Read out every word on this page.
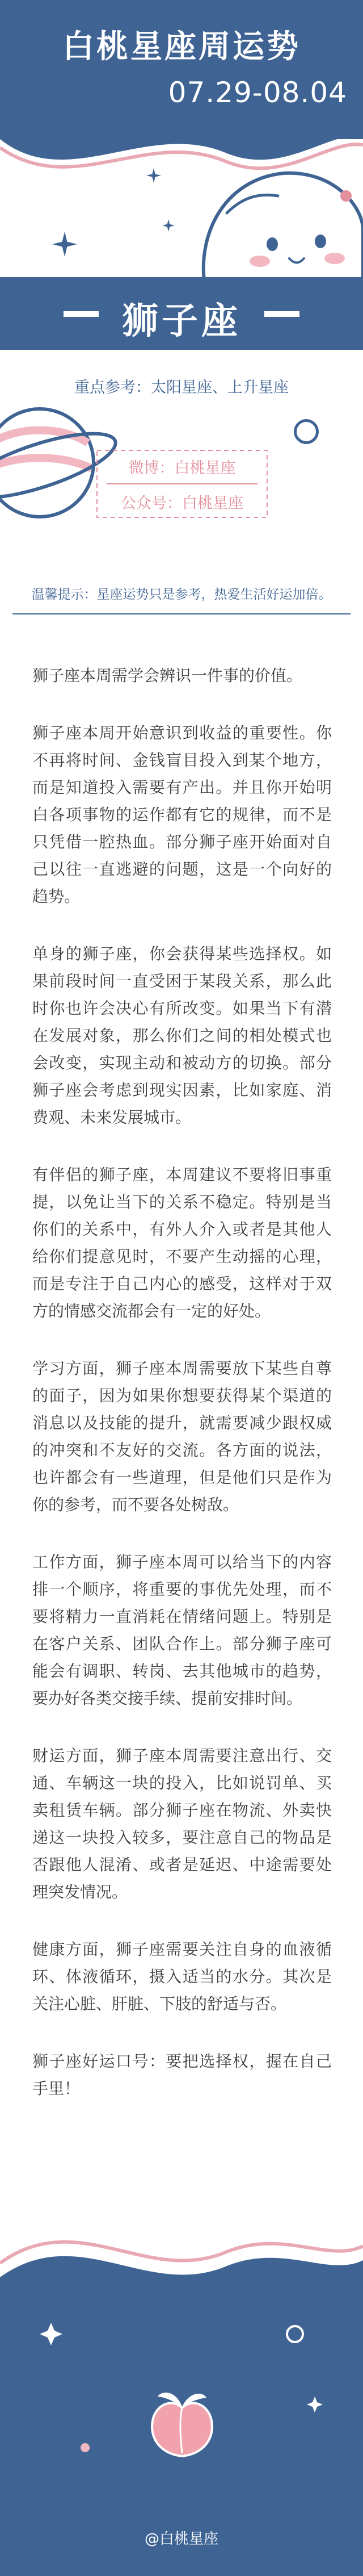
白桃星座周运势
07.29-08.04
狮子座
重点参考：太阳星座、上升星座
微博：白桃星座
公众号：白桃星座
温馨提示：星座运势只是参考，热爱生活好运加倍。

狮子座本周需学会辨识一件事的价值。

狮子座本周开始意识到收益的重要性。你不再将时间、金钱盲目投入到某个地方，而是知道投入需要有产出。并且你开始明白各项事物的运作都有它的规律，而不是只凭借一腔热血。部分狮子座开始面对自己以往一直逃避的问题，这是一个向好的趋势。

单身的狮子座，你会获得某些选择权。如果前段时间一直受困于某段关系，那么此时你也许会决心有所改变。如果当下有潜在发展对象，那么你们之间的相处模式也会改变，实现主动和被动方的切换。部分狮子座会考虑到现实因素，比如家庭、消费观、未来发展城市。

有伴侣的狮子座，本周建议不要将旧事重提，以免让当下的关系不稳定。特别是当你们的关系中，有外人介入或者是其他人给你们提意见时，不要产生动摇的心理，而是专注于自己内心的感受，这样对于双方的情感交流都会有一定的好处。

学习方面，狮子座本周需要放下某些自尊的面子，因为如果你想要获得某个渠道的消息以及技能的提升，就需要减少跟权威的冲突和不友好的交流。各方面的说法，也许都会有一些道理，但是他们只是作为你的参考，而不要各处树敌。

工作方面，狮子座本周可以给当下的内容排一个顺序，将重要的事优先处理，而不要将精力一直消耗在情绪问题上。特别是在客户关系、团队合作上。部分狮子座可能会有调职、转岗、去其他城市的趋势，要办好各类交接手续、提前安排时间。

财运方面，狮子座本周需要注意出行、交通、车辆这一块的投入，比如说罚单、买卖租赁车辆。部分狮子座在物流、外卖快递这一块投入较多，要注意自己的物品是否跟他人混淆、或者是延迟、中途需要处理突发情况。

健康方面，狮子座需要关注自身的血液循环、体液循环，摄入适当的水分。其次是关注心脏、肝脏、下肢的舒适与否。

狮子座好运口号：要把选择权，握在自己手里！

@白桃星座
